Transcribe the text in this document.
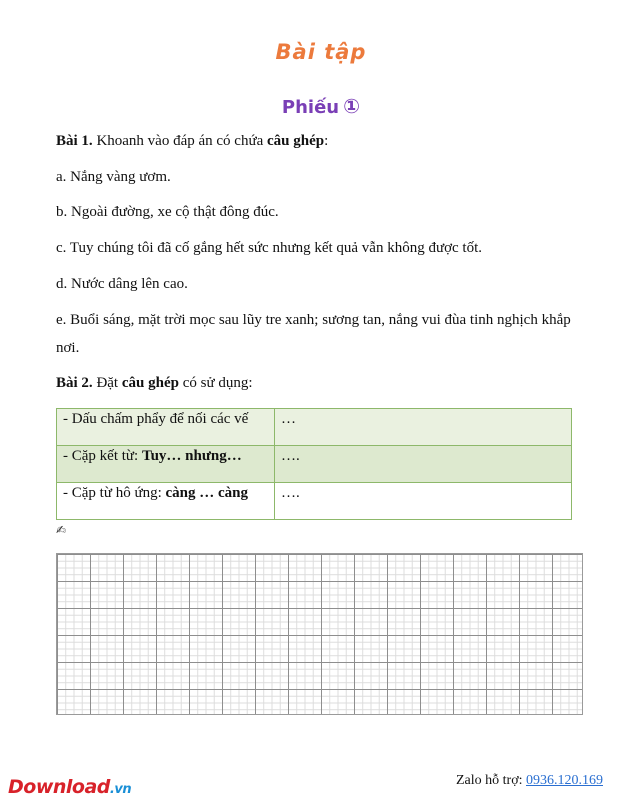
Bài tập
Phiếu ①
Bài 1. Khoanh vào đáp án có chứa câu ghép:
a. Nắng vàng ươm.
b. Ngoài đường, xe cộ thật đông đúc.
c. Tuy chúng tôi đã cố gắng hết sức nhưng kết quả vẫn không được tốt.
d. Nước dâng lên cao.
e. Buổi sáng, mặt trời mọc sau lũy tre xanh; sương tan, nắng vui đùa tinh nghịch khắp nơi.
Bài 2. Đặt câu ghép có sử dụng:
- Dấu chấm phẩy để nối các vế	…
- Cặp kết từ: Tuy… nhưng…	….
- Cặp từ hô ứng: càng … càng	….
✍
Download.vn
Zalo hỗ trợ: 0936.120.169
